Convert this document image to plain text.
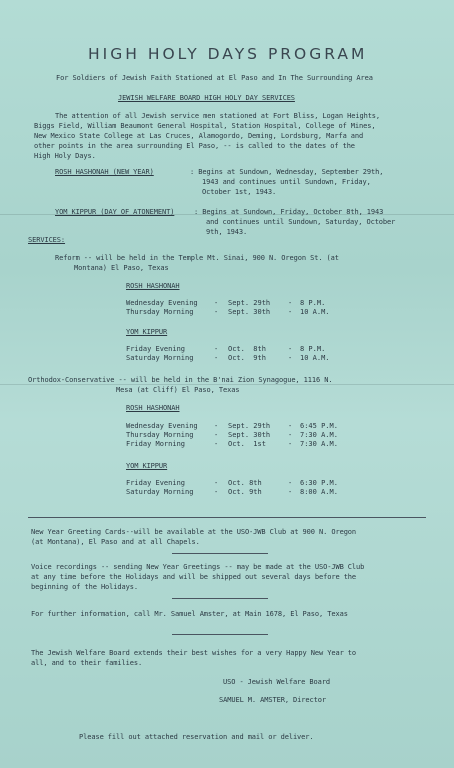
HIGH HOLY DAYS PROGRAM
For Soldiers of Jewish Faith Stationed at El Paso and In The Surrounding Area
JEWISH WELFARE BOARD HIGH HOLY DAY SERVICES
The attention of all Jewish service men stationed at Fort Bliss, Logan Heights,
Biggs Field, William Beaumont General Hospital, Station Hospital, College of Mines,
New Mexico State College at Las Cruces, Alamogordo, Deming, Lordsburg, Marfa and
other points in the area surrounding El Paso, -- is called to the dates of the
High Holy Days.
ROSH HASHONAH (NEW YEAR)	: Begins at Sundown, Wednesday, September 29th,
1943 and continues until Sundown, Friday,
October 1st, 1943.
YOM KIPPUR (DAY OF ATONEMENT)	: Begins at Sundown, Friday, October 8th, 1943
and continues until Sundown, Saturday, October
9th, 1943.
SERVICES:
Reform -- will be held in the Temple Mt. Sinai, 900 N. Oregon St. (at
Montana) El Paso, Texas
ROSH HASHONAH
Wednesday Evening	-	Sept. 29th	-	8 P.M.
Thursday Morning	-	Sept. 30th	-	10 A.M.
YOM KIPPUR
Friday Evening	-	Oct.  8th	-	8 P.M.
Saturday Morning	-	Oct.  9th	-	10 A.M.
Orthodox-Conservative -- will be held in the B'nai Zion Synagogue, 1116 N.
Mesa (at Cliff) El Paso, Texas
ROSH HASHONAH
Wednesday Evening	-	Sept. 29th	-	6:45 P.M.
Thursday Morning	-	Sept. 30th	-	7:30 A.M.
Friday Morning	-	Oct.  1st	-	7:30 A.M.
YOM KIPPUR
Friday Evening	-	Oct. 8th	-	6:30 P.M.
Saturday Morning	-	Oct. 9th	-	8:00 A.M.
New Year Greeting Cards--will be available at the USO-JWB Club at 900 N. Oregon
(at Montana), El Paso and at all Chapels.
Voice recordings -- sending New Year Greetings -- may be made at the USO-JWB Club
at any time before the Holidays and will be shipped out several days before the
beginning of the Holidays.
For further information, call Mr. Samuel Amster, at Main 1678, El Paso, Texas
The Jewish Welfare Board extends their best wishes for a very Happy New Year to
all, and to their families.
USO - Jewish Welfare Board
SAMUEL M. AMSTER, Director
Please fill out attached reservation and mail or deliver.
